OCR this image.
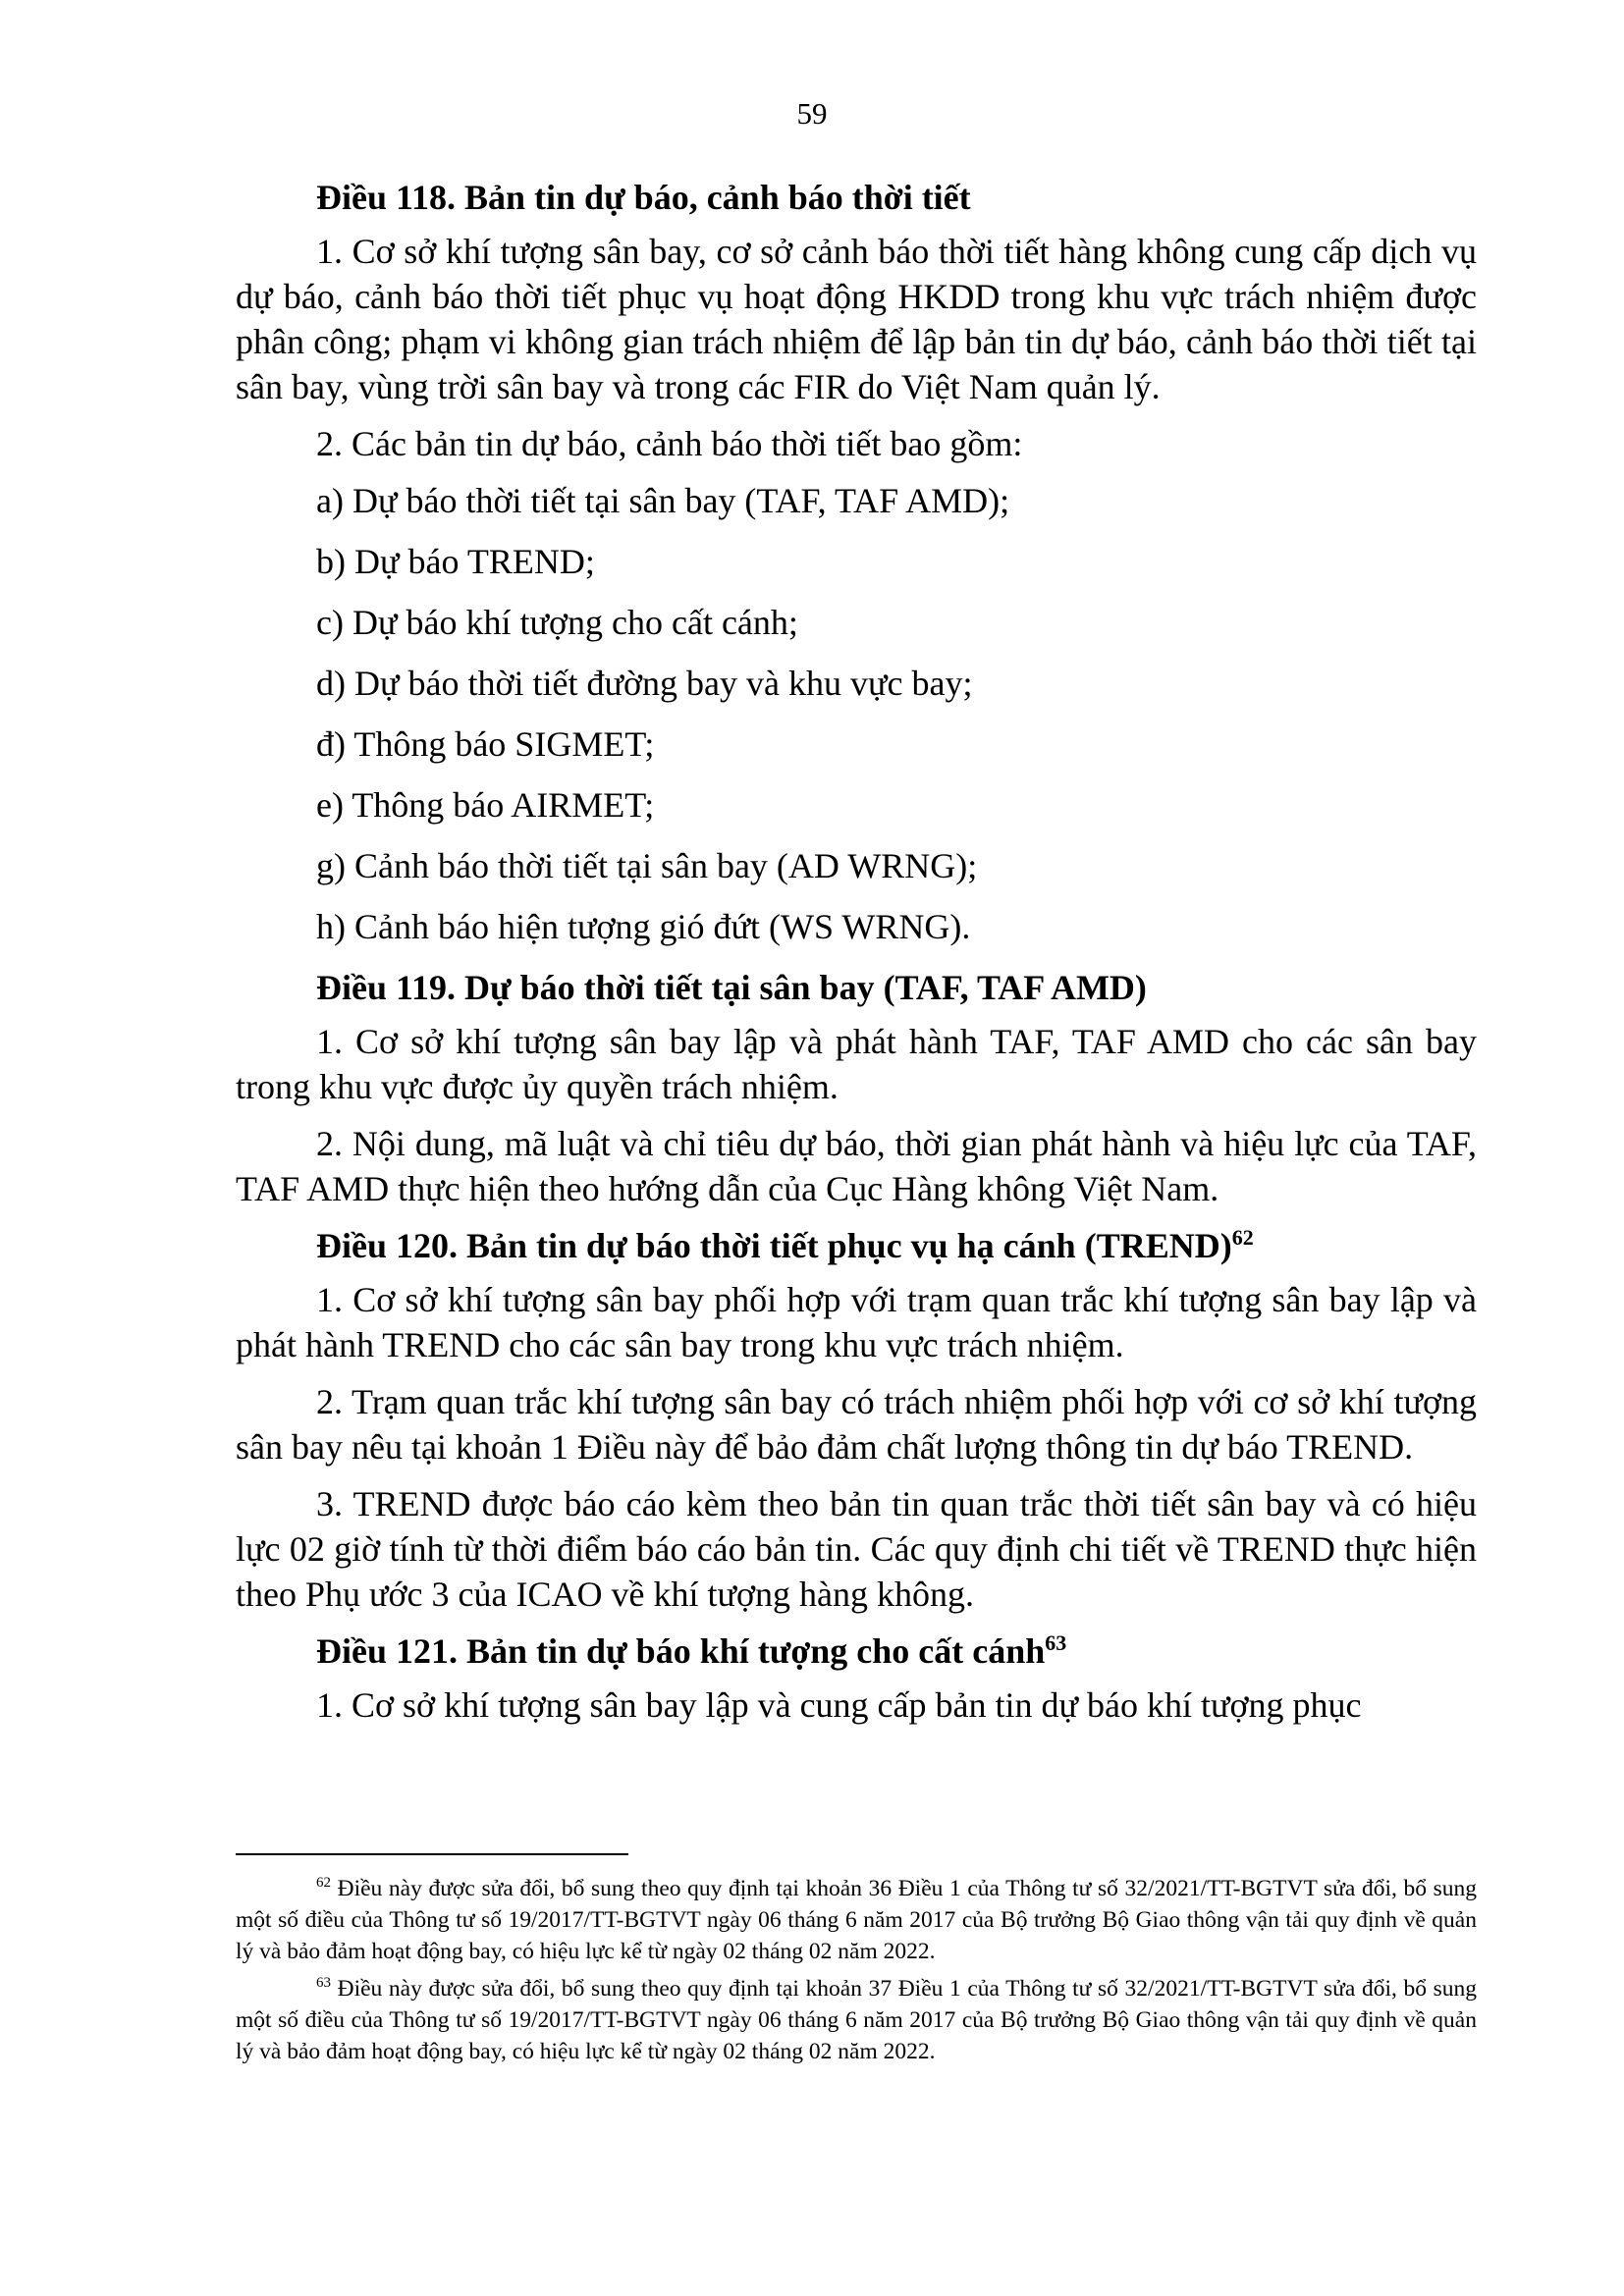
59
Điều 118. Bản tin dự báo, cảnh báo thời tiết

1. Cơ sở khí tượng sân bay, cơ sở cảnh báo thời tiết hàng không cung cấp dịch vụ dự báo, cảnh báo thời tiết phục vụ hoạt động HKDD trong khu vực trách nhiệm được phân công; phạm vi không gian trách nhiệm để lập bản tin dự báo, cảnh báo thời tiết tại sân bay, vùng trời sân bay và trong các FIR do Việt Nam quản lý.

2. Các bản tin dự báo, cảnh báo thời tiết bao gồm:

a) Dự báo thời tiết tại sân bay (TAF, TAF AMD);
b) Dự báo TREND;
c) Dự báo khí tượng cho cất cánh;
d) Dự báo thời tiết đường bay và khu vực bay;
đ) Thông báo SIGMET;
e) Thông báo AIRMET;
g) Cảnh báo thời tiết tại sân bay (AD WRNG);
h) Cảnh báo hiện tượng gió đứt (WS WRNG).
Điều 119. Dự báo thời tiết tại sân bay (TAF, TAF AMD)

1. Cơ sở khí tượng sân bay lập và phát hành TAF, TAF AMD cho các sân bay trong khu vực được ủy quyền trách nhiệm.

2. Nội dung, mã luật và chỉ tiêu dự báo, thời gian phát hành và hiệu lực của TAF, TAF AMD thực hiện theo hướng dẫn của Cục Hàng không Việt Nam.

Điều 120. Bản tin dự báo thời tiết phục vụ hạ cánh (TREND)$^{62}$

1. Cơ sở khí tượng sân bay phối hợp với trạm quan trắc khí tượng sân bay lập và phát hành TREND cho các sân bay trong khu vực trách nhiệm.

2. Trạm quan trắc khí tượng sân bay có trách nhiệm phối hợp với cơ sở khí tượng sân bay nêu tại khoản 1 Điều này để bảo đảm chất lượng thông tin dự báo TREND.

3. TREND được báo cáo kèm theo bản tin quan trắc thời tiết sân bay và có hiệu lực 02 giờ tính từ thời điểm báo cáo bản tin. Các quy định chi tiết về TREND thực hiện theo Phụ ước 3 của ICAO về khí tượng hàng không.

Điều 121. Bản tin dự báo khí tượng cho cất cánh$^{63}$

1. Cơ sở khí tượng sân bay lập và cung cấp bản tin dự báo khí tượng phục

$^{62}$ Điều này được sửa đổi, bổ sung theo quy định tại khoản 36 Điều 1 của Thông tư số 32/2021/TT-BGTVT sửa đổi, bổ sung một số điều của Thông tư số 19/2017/TT-BGTVT ngày 06 tháng 6 năm 2017 của Bộ trưởng Bộ Giao thông vận tải quy định về quản lý và bảo đảm hoạt động bay, có hiệu lực kể từ ngày 02 tháng 02 năm 2022.

$^{63}$ Điều này được sửa đổi, bổ sung theo quy định tại khoản 37 Điều 1 của Thông tư số 32/2021/TT-BGTVT sửa đổi, bổ sung một số điều của Thông tư số 19/2017/TT-BGTVT ngày 06 tháng 6 năm 2017 của Bộ trưởng Bộ Giao thông vận tải quy định về quản lý và bảo đảm hoạt động bay, có hiệu lực kể từ ngày 02 tháng 02 năm 2022.
